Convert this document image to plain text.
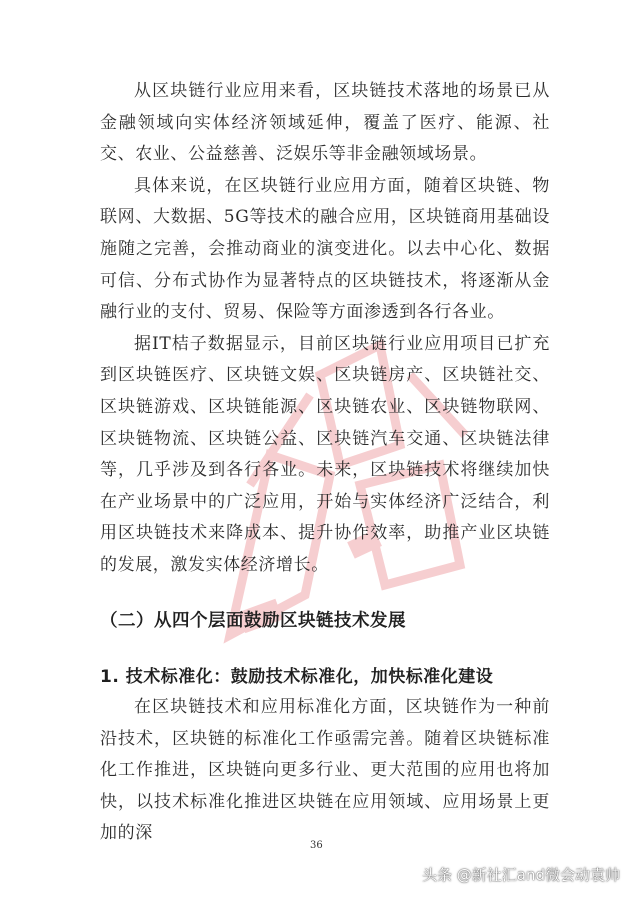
从区块链行业应用来看，区块链技术落地的场景已从金融领域向实体经济领域延伸，覆盖了医疗、能源、社交、农业、公益慈善、泛娱乐等非金融领域场景。

具体来说，在区块链行业应用方面，随着区块链、物联网、大数据、5G等技术的融合应用，区块链商用基础设施随之完善，会推动商业的演变进化。以去中心化、数据可信、分布式协作为显著特点的区块链技术，将逐渐从金融行业的支付、贸易、保险等方面渗透到各行各业。

据IT桔子数据显示，目前区块链行业应用项目已扩充到区块链医疗、区块链文娱、区块链房产、区块链社交、区块链游戏、区块链能源、区块链农业、区块链物联网、区块链物流、区块链公益、区块链汽车交通、区块链法律等，几乎涉及到各行各业。未来，区块链技术将继续加快在产业场景中的广泛应用，开始与实体经济广泛结合，利用区块链技术来降成本、提升协作效率，助推产业区块链的发展，激发实体经济增长。

（二）从四个层面鼓励区块链技术发展
1. 技术标准化：鼓励技术标准化，加快标准化建设

在区块链技术和应用标准化方面，区块链作为一种前沿技术，区块链的标准化工作亟需完善。随着区块链标准化工作推进，区块链向更多行业、更大范围的应用也将加快，以技术标准化推进区块链在应用领域、应用场景上更加的深

36
头条 @新社汇and微会动袁帅
